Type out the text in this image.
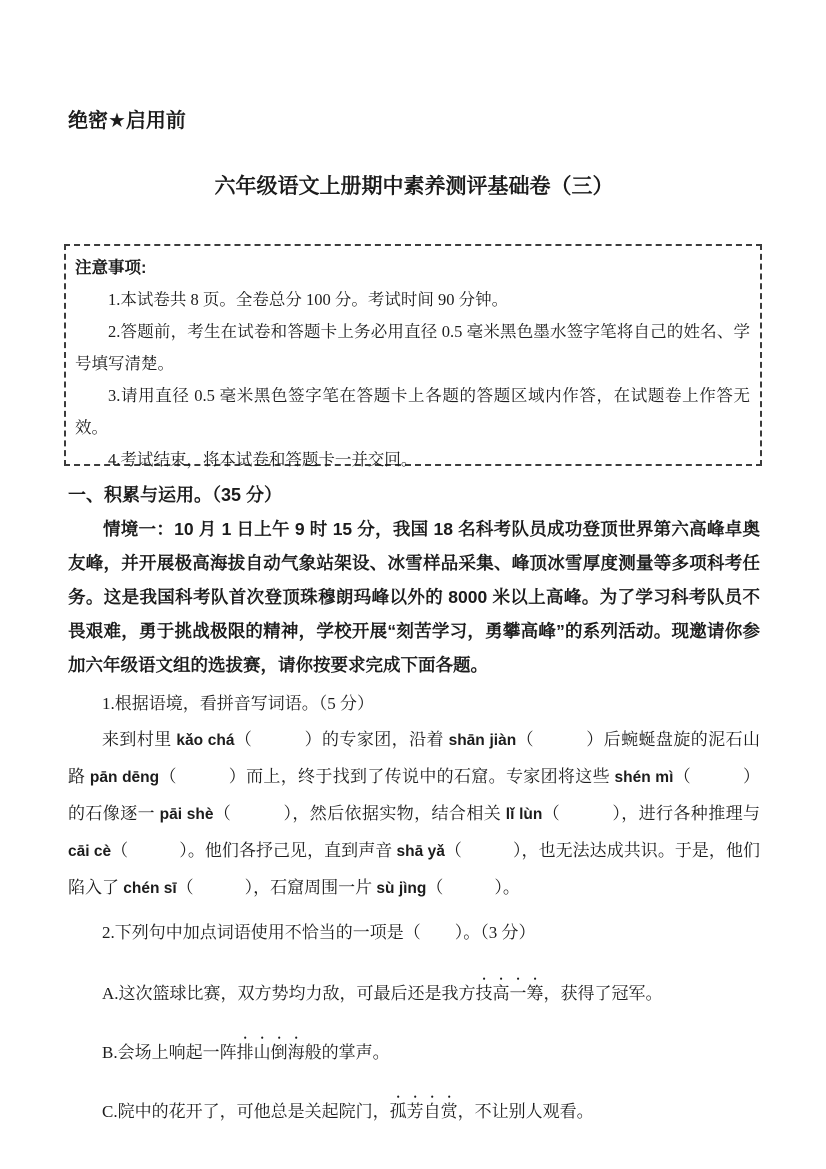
绝密★启用前
六年级语文上册期中素养测评基础卷（三）
注意事项:

1.本试卷共 8 页。全卷总分 100 分。考试时间 90 分钟。

2.答题前，考生在试卷和答题卡上务必用直径 0.5 毫米黑色墨水签字笔将自己的姓名、学号填写清楚。

3.请用直径 0.5 毫米黑色签字笔在答题卡上各题的答题区域内作答，在试题卷上作答无效。

4.考试结束，将本试卷和答题卡一并交回。

一、积累与运用。（35 分）

情境一：10 月 1 日上午 9 时 15 分，我国 18 名科考队员成功登顶世界第六高峰卓奥友峰，并开展极高海拔自动气象站架设、冰雪样品采集、峰顶冰雪厚度测量等多项科考任务。这是我国科考队首次登顶珠穆朗玛峰以外的 8000 米以上高峰。为了学习科考队员不畏艰难，勇于挑战极限的精神，学校开展“刻苦学习，勇攀高峰”的系列活动。现邀请你参加六年级语文组的选拔赛，请你按要求完成下面各题。

1.根据语境，看拼音写词语。（5 分）

来到村里 kǎo chá（　　　）的专家团，沿着 shān jiàn（　　　）后蜿蜒盘旋的泥石山路 pān dēng（　　　）而上，终于找到了传说中的石窟。专家团将这些 shén mì（　　　）的石像逐一 pāi shè（　　　），然后依据实物，结合相关 lǐ lùn（　　　），进行各种推理与 cāi cè（　　　）。他们各抒己见，直到声音 shā yǎ（　　　），也无法达成共识。于是，他们陷入了 chén sī（　　　），石窟周围一片 sù jìng（　　　）。

2.下列句中加点词语使用不恰当的一项是（　　）。（3 分）

A.这次篮球比赛，双方势均力敌，可最后还是我方技高一筹，获得了冠军。

B.会场上响起一阵排山倒海般的掌声。

C.院中的花开了，可他总是关起院门，孤芳自赏，不让别人观看。
